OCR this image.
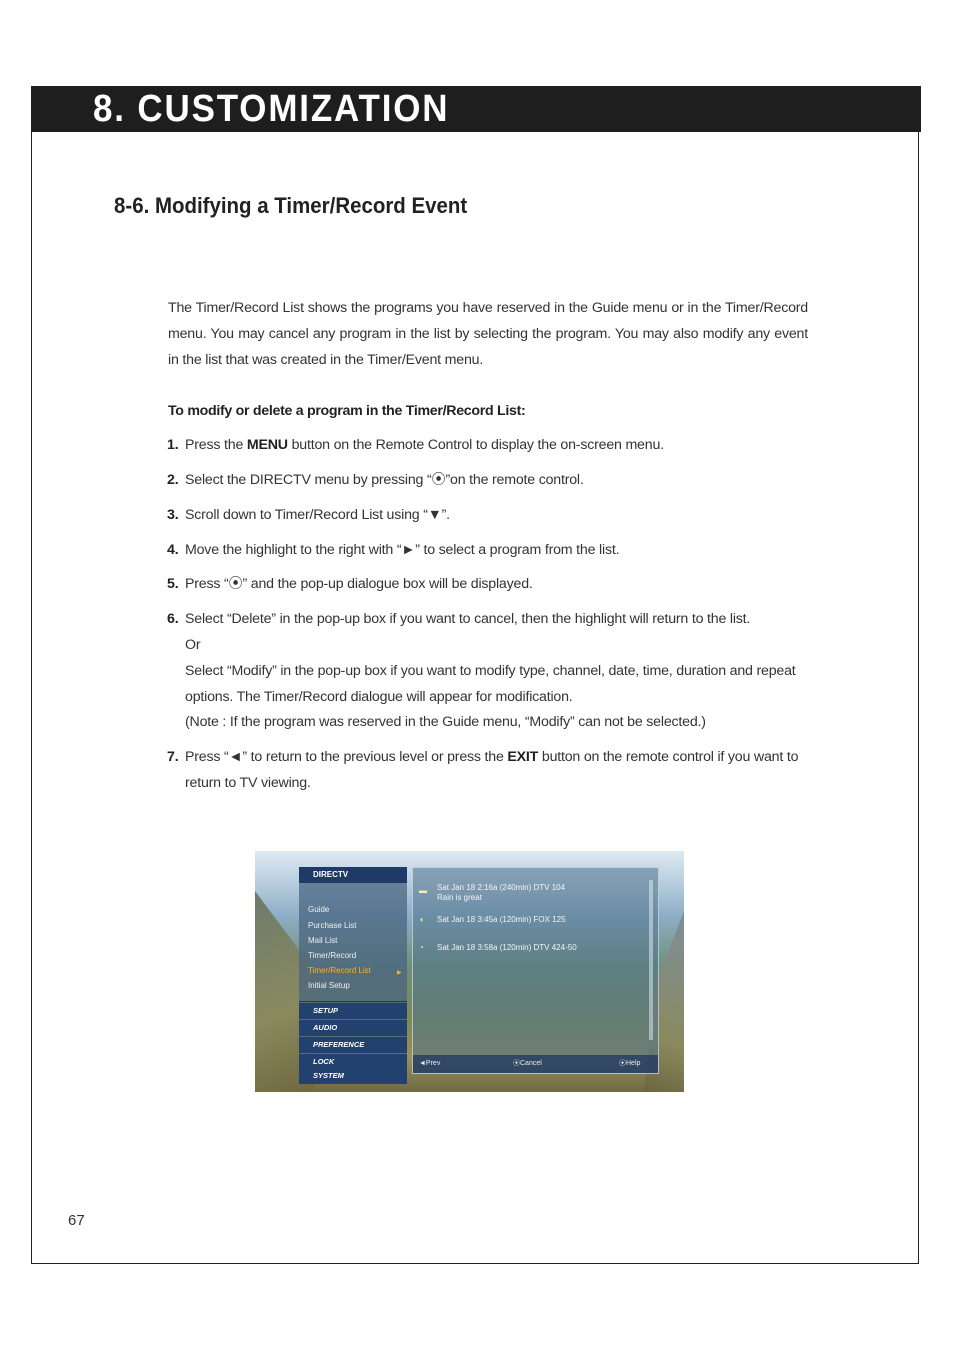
8. CUSTOMIZATION
8-6. Modifying a Timer/Record Event

The Timer/Record List shows the programs you have reserved in the Guide menu or in the Timer/Record menu. You may cancel any program in the list by selecting the program. You may also modify any event in the list that was created in the Timer/Event menu.

To modify or delete a program in the Timer/Record List:
1. Press the MENU button on the Remote Control to display the on-screen menu.
2. Select the DIRECTV menu by pressing “⦿”on the remote control.
3. Scroll down to Timer/Record List using “▼”.
4. Move the highlight to the right with “►” to select a program from the list.
5. Press “⦿” and the pop-up dialogue box will be displayed.
6. Select “Delete” in the pop-up box if you want to cancel, then the highlight will return to the list.
Or
Select “Modify” in the pop-up box if you want to modify type, channel, date, time, duration and repeat options. The Timer/Record dialogue will appear for modification.
(Note : If the program was reserved in the Guide menu, “Modify” can not be selected.)
7. Press “◄” to return to the previous level or press the EXIT button on the remote control if you want to return to TV viewing.
DIRECTV
Guide
Purchase List
Mail List
Timer/Record
Timer/Record List	▶
Initial Setup
SETUP
AUDIO
PREFERENCE
LOCK
SYSTEM
▬ Sat Jan 18 2:16a (240min) DTV 104
Rain is great
◖ Sat Jan 18 3:45a (120min) FOX 125
◔ Sat Jan 18 3:58a (120min) DTV 424-50
◄Prev	⦿Cancel	⦿Help
67
